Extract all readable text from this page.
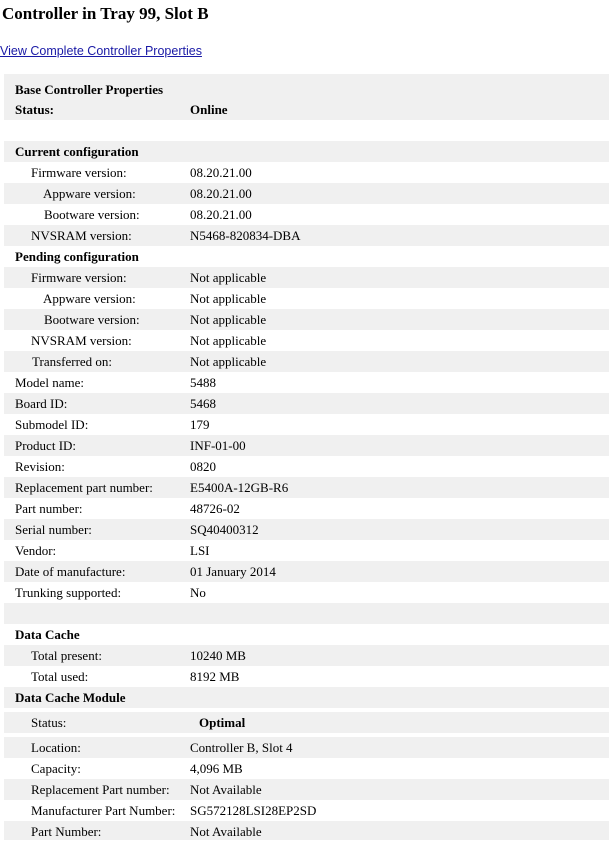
Controller in Tray 99, Slot B
View Complete Controller Properties
Base Controller Properties
Status:	Online
Current configuration
Firmware version:	08.20.21.00
Appware version:	08.20.21.00
Bootware version:	08.20.21.00
NVSRAM version:	N5468-820834-DBA
Pending configuration
Firmware version:	Not applicable
Appware version:	Not applicable
Bootware version:	Not applicable
NVSRAM version:	Not applicable
Transferred on:	Not applicable
Model name:	5488
Board ID:	5468
Submodel ID:	179
Product ID:	INF-01-00
Revision:	0820
Replacement part number:	E5400A-12GB-R6
Part number:	48726-02
Serial number:	SQ40400312
Vendor:	LSI
Date of manufacture:	01 January 2014
Trunking supported:	No
Data Cache
Total present:	10240 MB
Total used:	8192 MB
Data Cache Module
Status:	Optimal
Location:	Controller B, Slot 4
Capacity:	4,096 MB
Replacement Part number: Not Available
Manufacturer Part Number: SG572128LSI28EP2SD
Part Number:	Not Available
